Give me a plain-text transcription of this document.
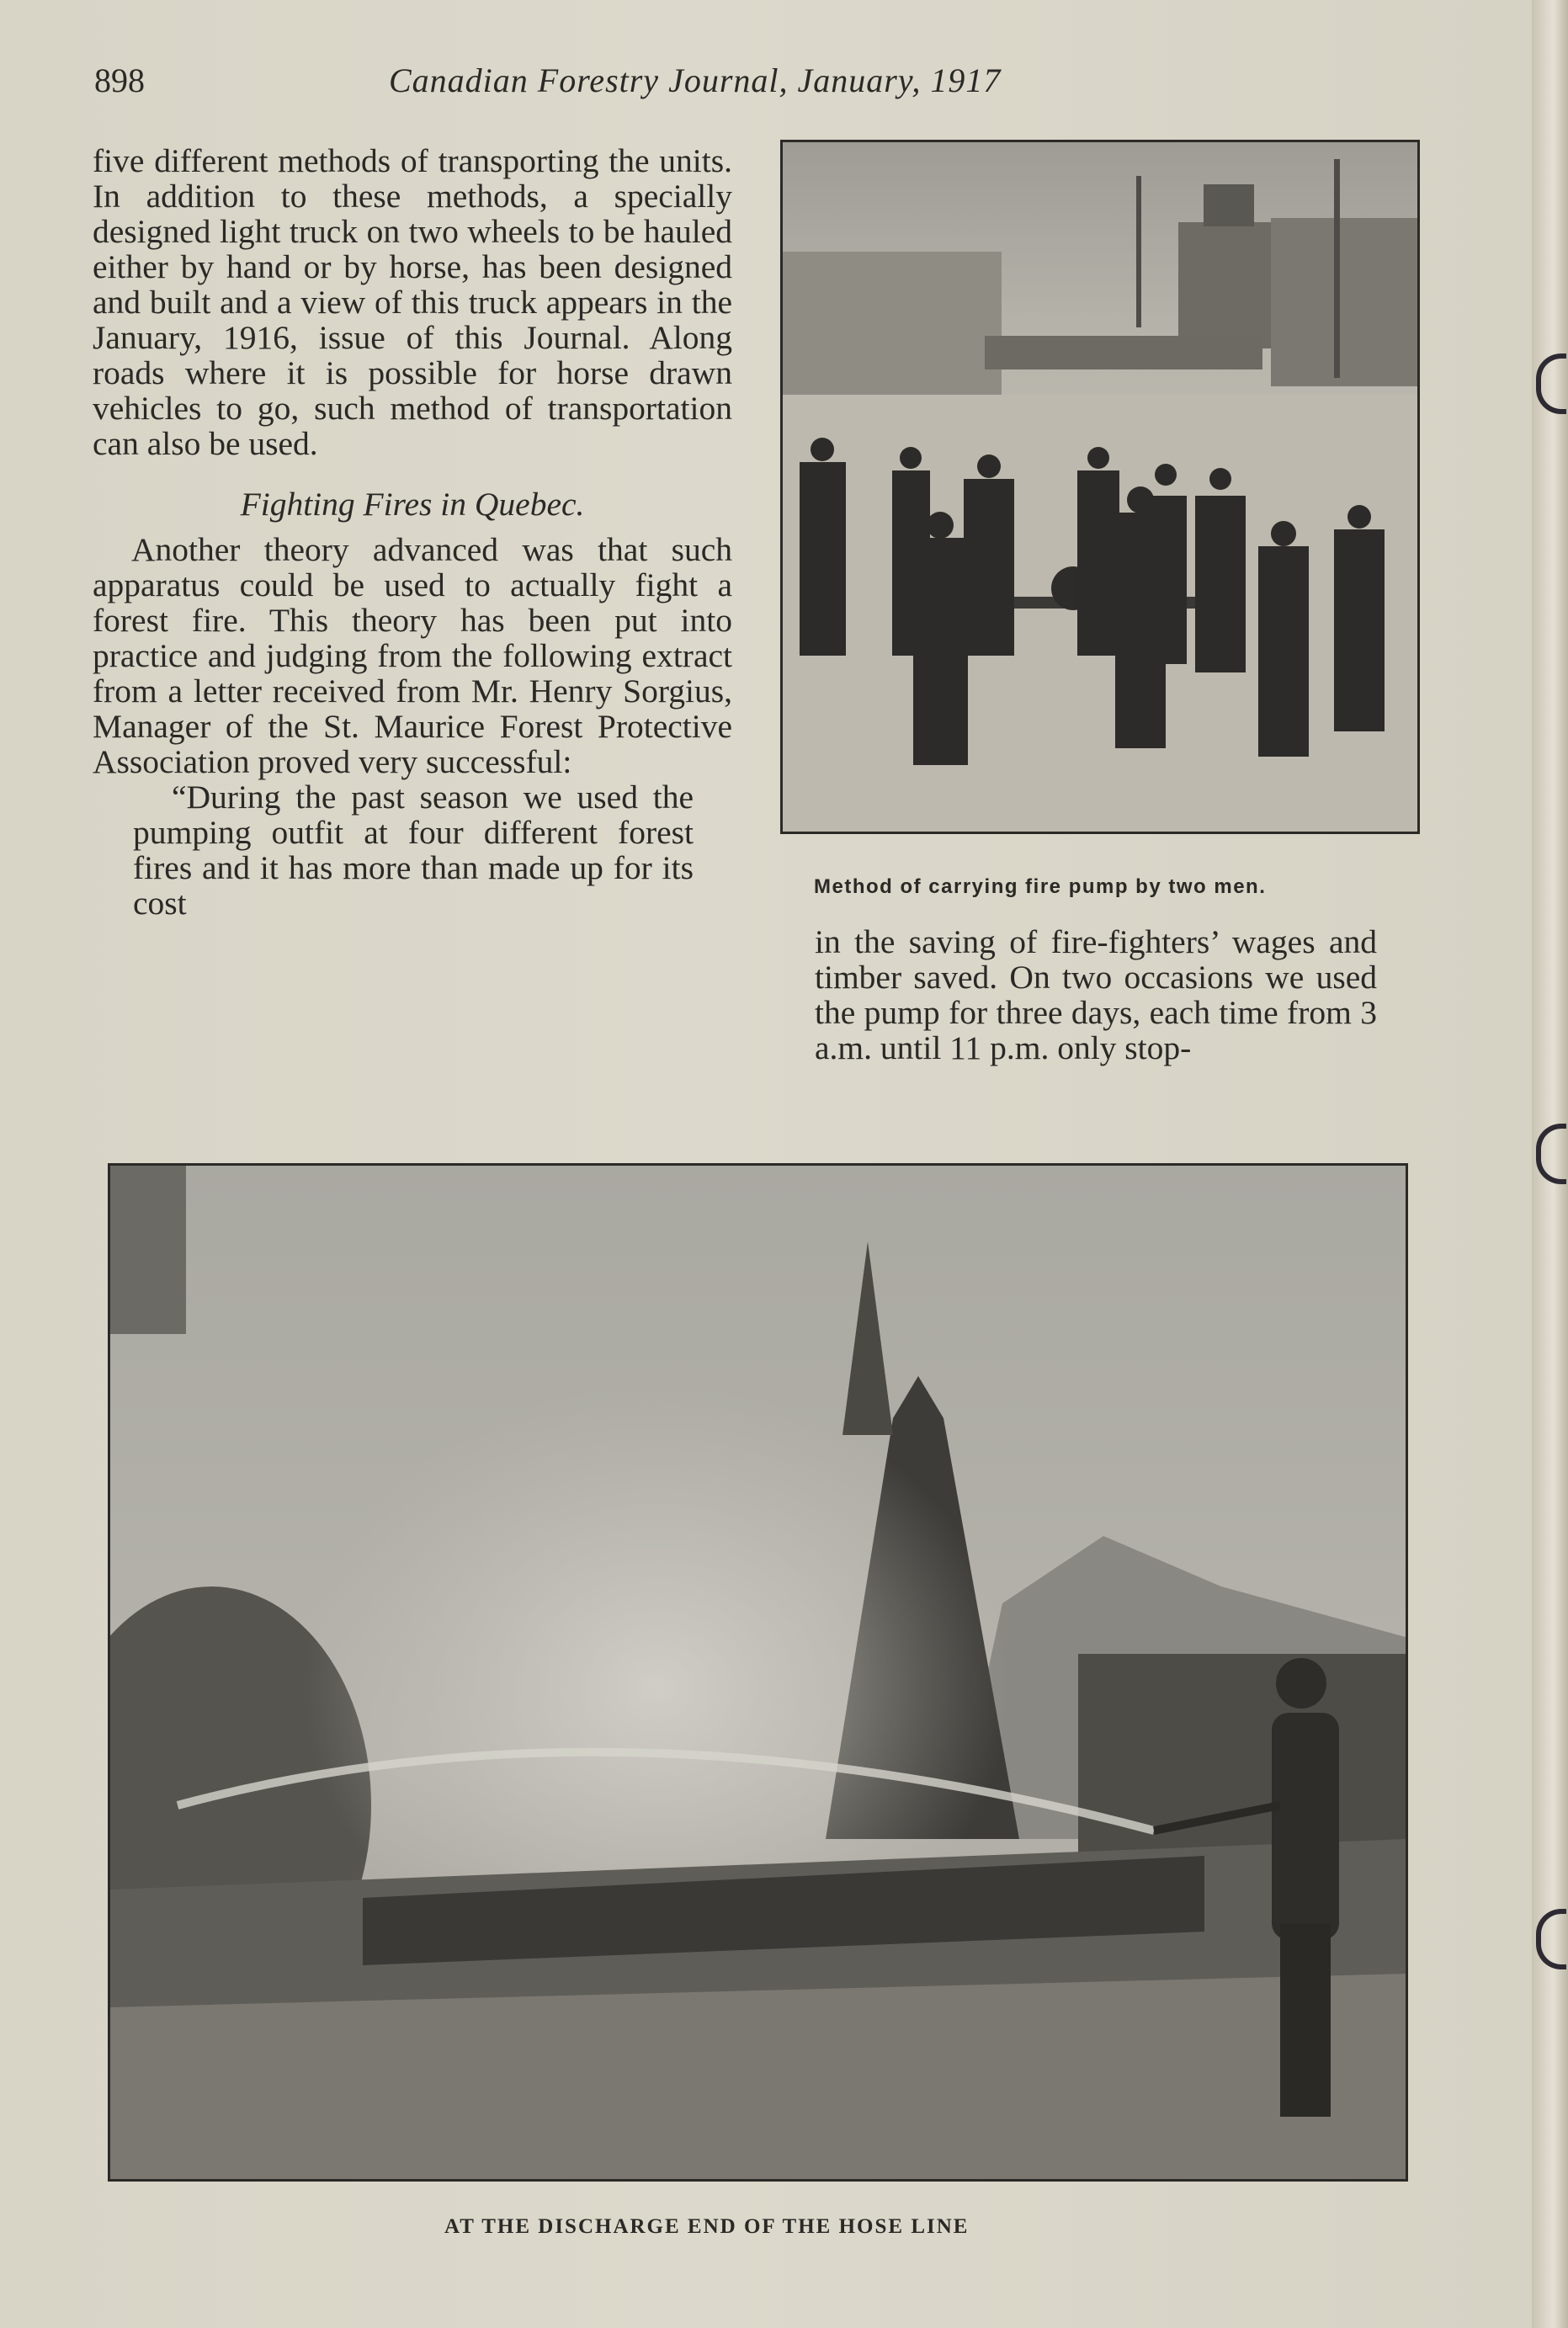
898	Canadian Forestry Journal, January, 1917

five different methods of transporting the units. In addition to these methods, a specially designed light truck on two wheels to be hauled either by hand or by horse, has been designed and built and a view of this truck appears in the January, 1916, issue of this Journal. Along roads where it is possible for horse drawn vehicles to go, such method of transportation can also be used.

Fighting Fires in Quebec.

Another theory advanced was that such apparatus could be used to actually fight a forest fire. This theory has been put into practice and judging from the following extract from a letter received from Mr. Henry Sorgius, Manager of the St. Maurice Forest Protective Association proved very successful:

“During the past season we used the pumping outfit at four different forest fires and it has more than made up for its cost	Method of carrying fire pump by two men.

in the saving of fire-fighters’ wages and timber saved. On two occasions we used the pump for three days, each time from 3 a.m. until 11 p.m. only stop-

AT THE DISCHARGE END OF THE HOSE LINE
